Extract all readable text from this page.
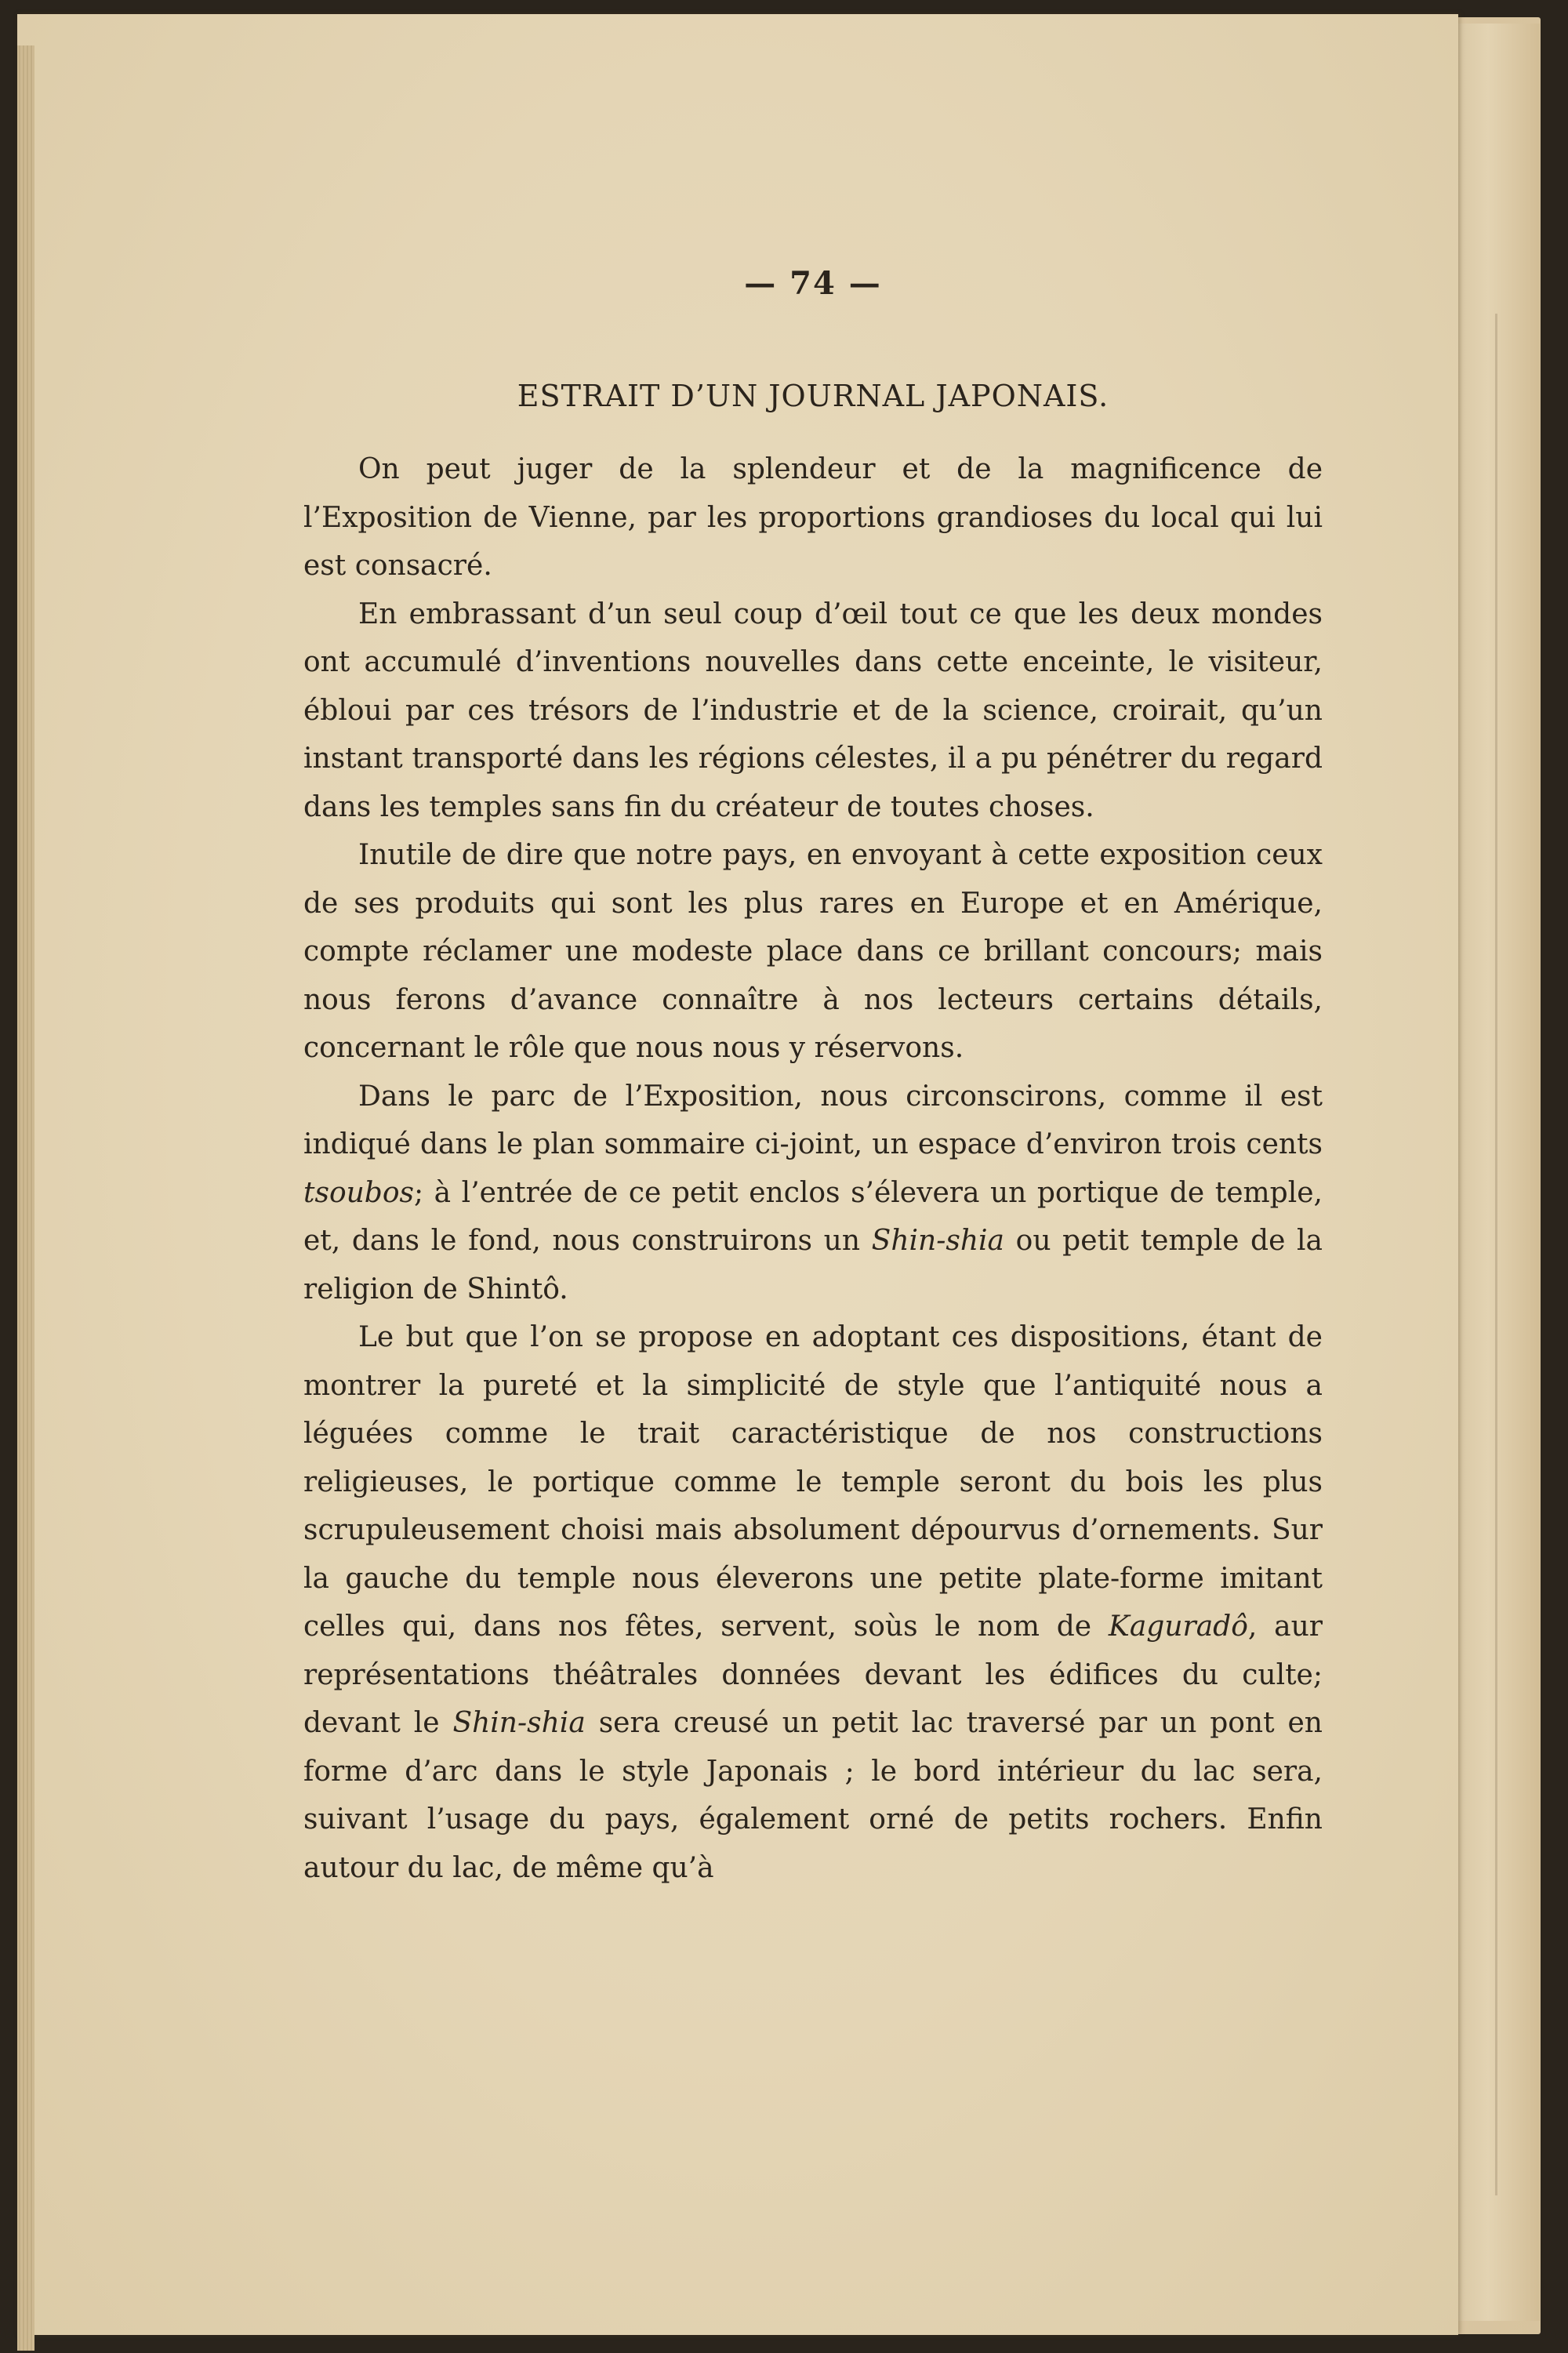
— 74 —
ESTRAIT D’UN JOURNAL JAPONAIS.

On peut juger de la splendeur et de la magnificence de l’Exposition de Vienne, par les proportions grandioses du local qui lui est consacré.

En embrassant d’un seul coup d’œil tout ce que les deux mondes ont accumulé d’inventions nouvelles dans cette enceinte, le visiteur, ébloui par ces trésors de l’industrie et de la science, croirait, qu’un instant transporté dans les régions célestes, il a pu pénétrer du regard dans les temples sans fin du créateur de toutes choses.

Inutile de dire que notre pays, en envoyant à cette exposition ceux de ses produits qui sont les plus rares en Europe et en Amérique, compte réclamer une modeste place dans ce brillant concours; mais nous ferons d’avance connaître à nos lecteurs certains détails, concernant le rôle que nous nous y réservons.

Dans le parc de l’Exposition, nous circonscirons, comme il est indiqué dans le plan sommaire ci-joint, un espace d’environ trois cents tsoubos; à l’entrée de ce petit enclos s’élevera un portique de temple, et, dans le fond, nous construirons un Shin-shia ou petit temple de la religion de Shintô.

Le but que l’on se propose en adoptant ces dispositions, étant de montrer la pureté et la simplicité de style que l’antiquité nous a léguées comme le trait caractéristique de nos constructions religieuses, le portique comme le temple seront du bois les plus scrupuleusement choisi mais absolument dépourvus d’ornements. Sur la gauche du temple nous éleverons une petite plate-forme imitant celles qui, dans nos fêtes, servent, soùs le nom de Kaguradô, aur représentations théâtrales données devant les édifices du culte; devant le Shin-shia sera creusé un petit lac traversé par un pont en forme d’arc dans le style Japonais ; le bord intérieur du lac sera, suivant l’usage du pays, également orné de petits rochers. Enfin autour du lac, de même qu’à
